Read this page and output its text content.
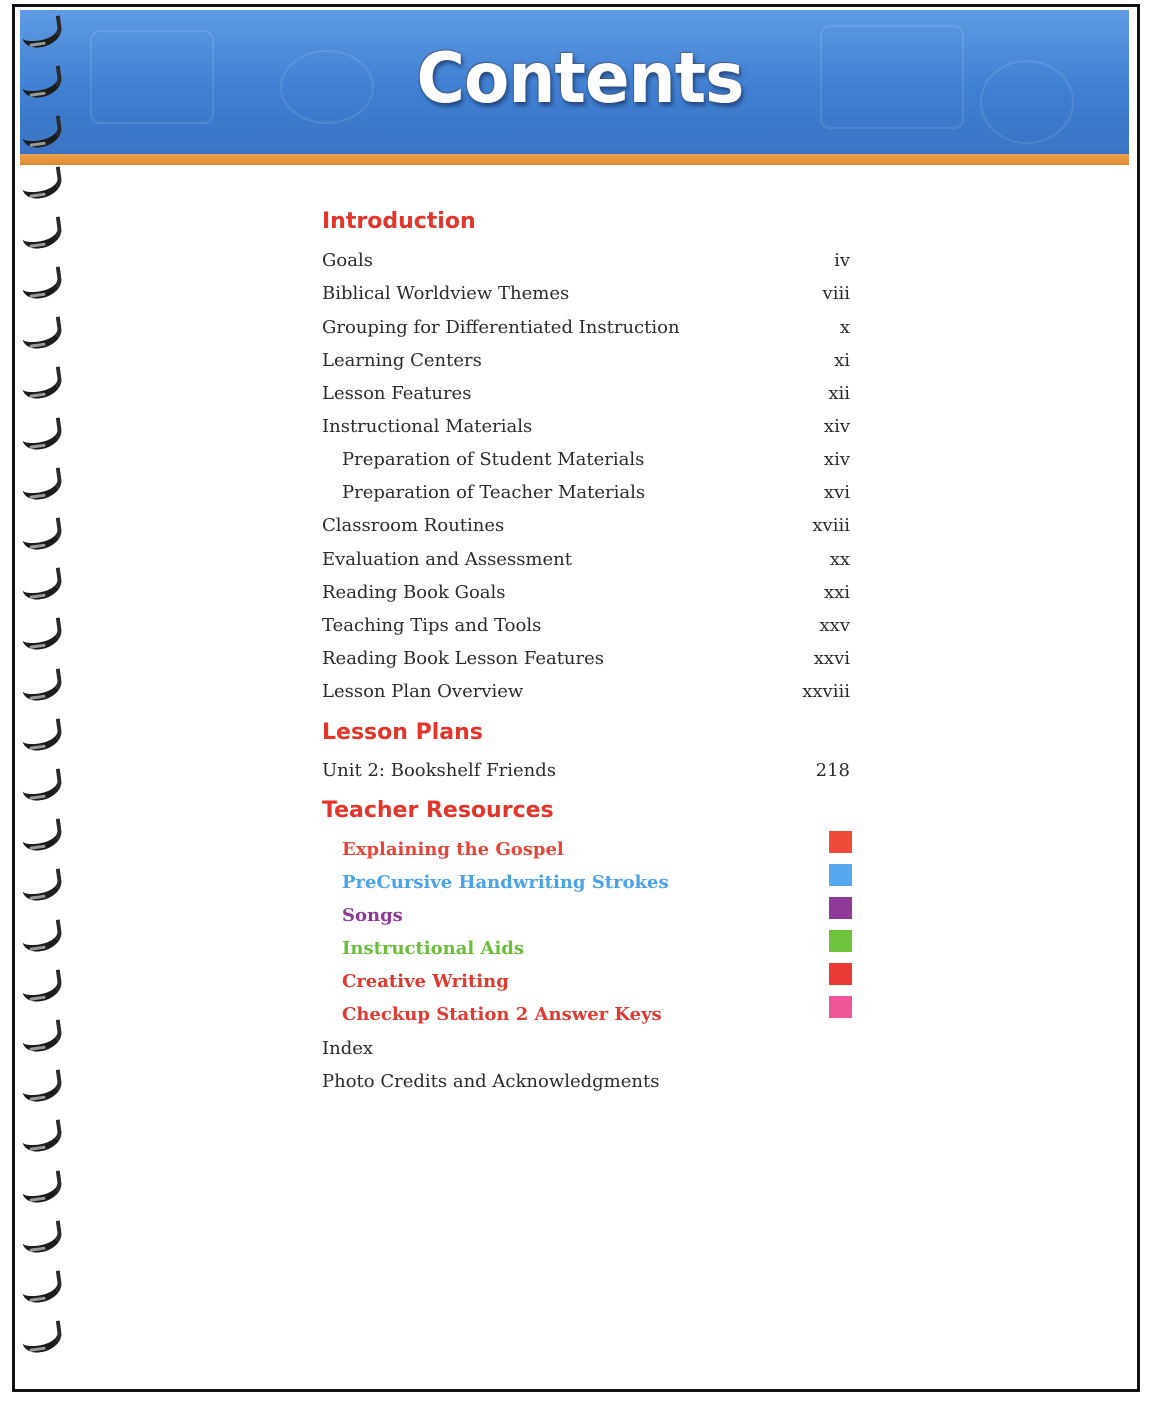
Contents
Introduction
Goals	iv
Biblical Worldview Themes	viii
Grouping for Differentiated Instruction	x
Learning Centers	xi
Lesson Features	xii
Instructional Materials	xiv
Preparation of Student Materials	xiv
Preparation of Teacher Materials	xvi
Classroom Routines	xviii
Evaluation and Assessment	xx
Reading Book Goals	xxi
Teaching Tips and Tools	xxv
Reading Book Lesson Features	xxvi
Lesson Plan Overview	xxviii
Lesson Plans
Unit 2: Bookshelf Friends	218
Teacher Resources
Explaining the Gospel
PreCursive Handwriting Strokes
Songs
Instructional Aids
Creative Writing
Checkup Station 2 Answer Keys
Index
Photo Credits and Acknowledgments
